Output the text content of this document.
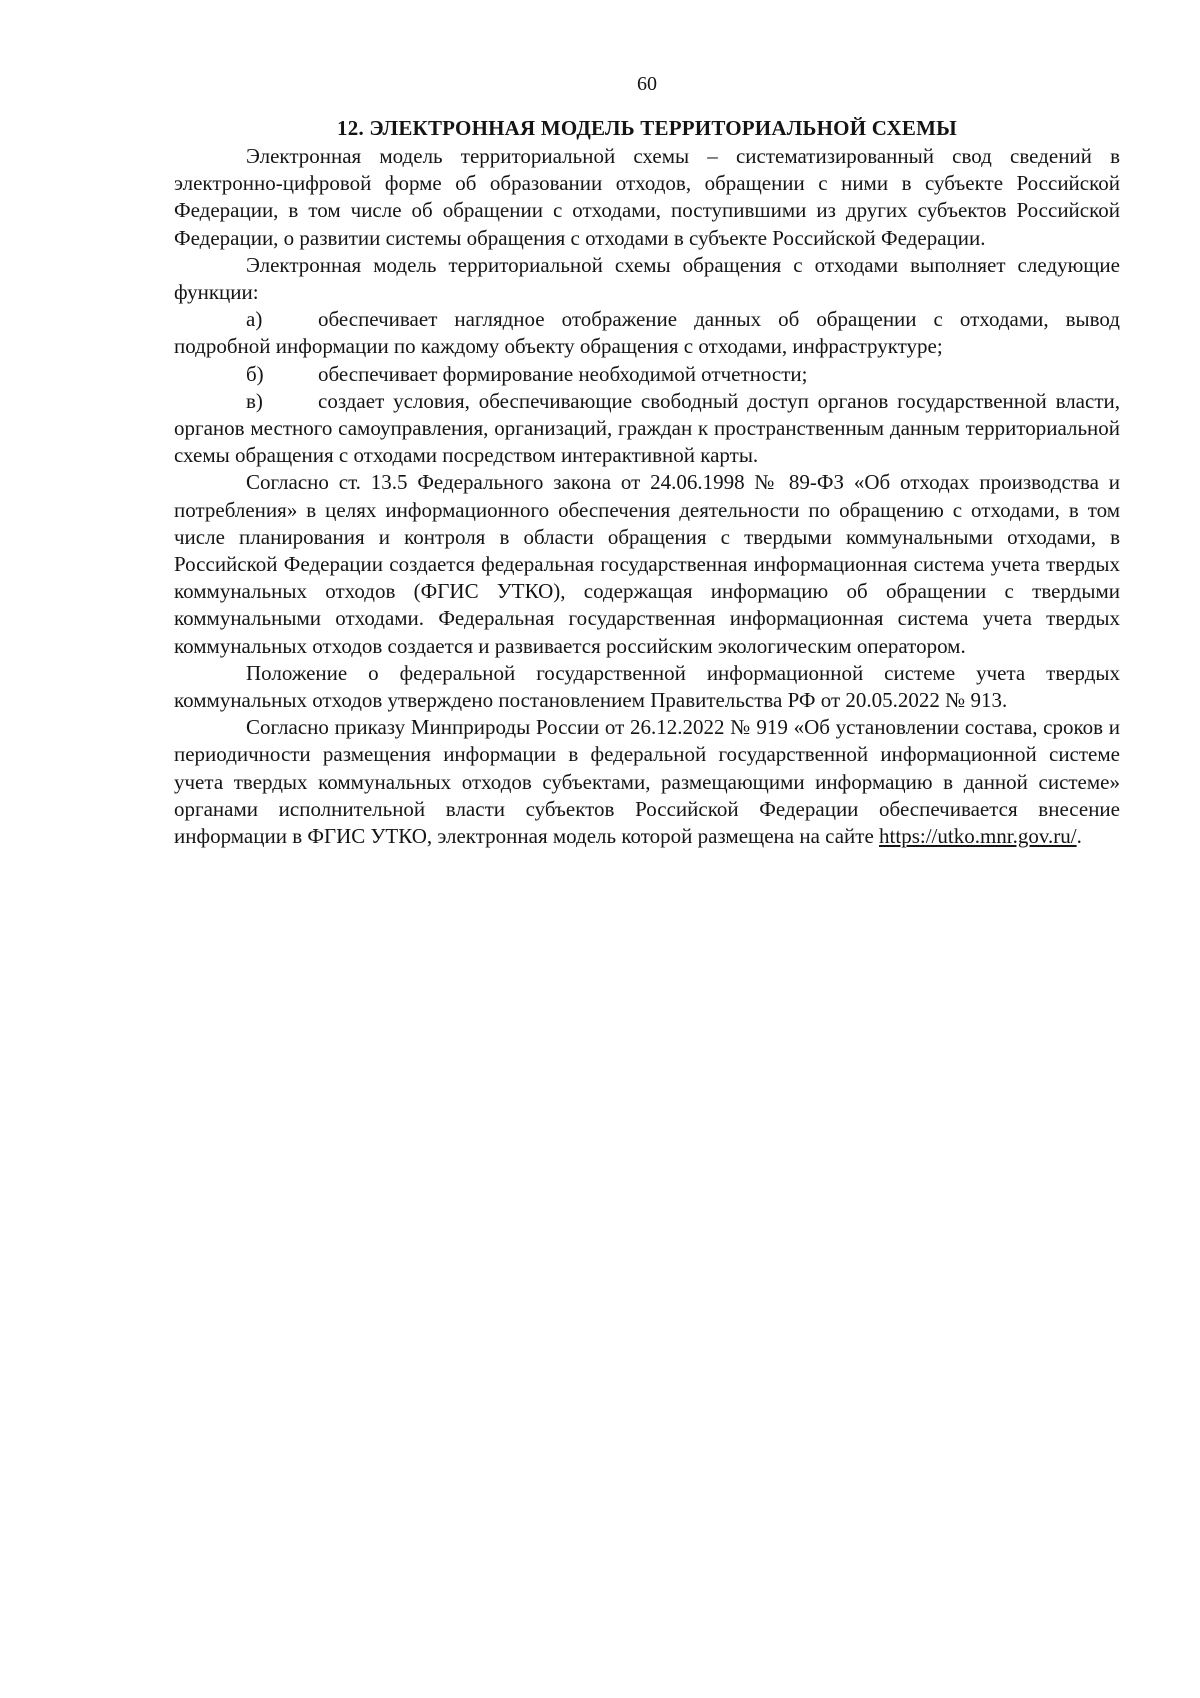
60
12. ЭЛЕКТРОННАЯ МОДЕЛЬ ТЕРРИТОРИАЛЬНОЙ СХЕМЫ

Электронная модель территориальной схемы – систематизированный свод сведений в электронно-цифровой форме об образовании отходов, обращении с ними в субъекте Российской Федерации, в том числе об обращении с отходами, поступившими из других субъектов Российской Федерации, о развитии системы обращения с отходами в субъекте Российской Федерации.

Электронная модель территориальной схемы обращения с отходами выполняет следующие функции:

а)	обеспечивает наглядное отображение данных об обращении с отходами, вывод подробной информации по каждому объекту обращения с отходами, инфраструктуре;

б)	обеспечивает формирование необходимой отчетности;

в)	создает условия, обеспечивающие свободный доступ органов государственной власти, органов местного самоуправления, организаций, граждан к пространственным данным территориальной схемы обращения с отходами посредством интерактивной карты.

Согласно ст. 13.5 Федерального закона от 24.06.1998 № 89-ФЗ «Об отходах производства и потребления» в целях информационного обеспечения деятельности по обращению с отходами, в том числе планирования и контроля в области обращения с твердыми коммунальными отходами, в Российской Федерации создается федеральная государственная информационная система учета твердых коммунальных отходов (ФГИС УТКО), содержащая информацию об обращении с твердыми коммунальными отходами. Федеральная государственная информационная система учета твердых коммунальных отходов создается и развивается российским экологическим оператором.

Положение о федеральной государственной информационной системе учета твердых коммунальных отходов утверждено постановлением Правительства РФ от 20.05.2022 № 913.

Согласно приказу Минприроды России от 26.12.2022 № 919 «Об установлении состава, сроков и периодичности размещения информации в федеральной государственной информационной системе учета твердых коммунальных отходов субъектами, размещающими информацию в данной системе» органами исполнительной власти субъектов Российской Федерации обеспечивается внесение информации в ФГИС УТКО, электронная модель которой размещена на сайте https://utko.mnr.gov.ru/.
